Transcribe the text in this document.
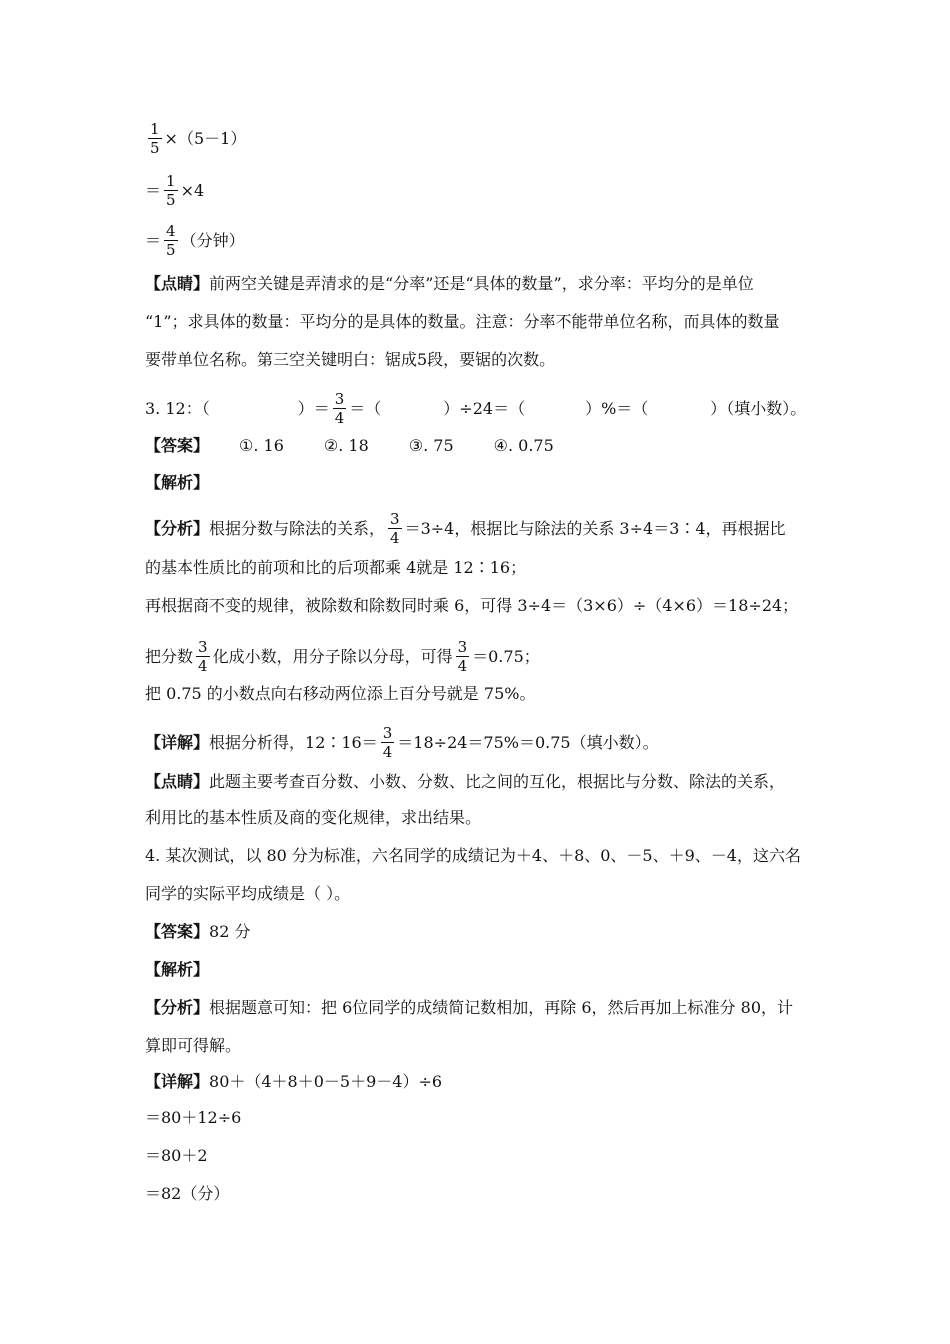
$\frac{1}{5} \times(5-1)$
＝ $\frac{1}{5} \times 4$
＝ $\frac{4}{5}$ （分钟）
【点睛】 前两空关键是弄清求的是“分率”还是“具体的数量”，求分率：平均分的是单位
“1”；求具体的数量：平均分的是具体的数量。注意：分率不能带单位名称，而具体的数量
要带单位名称。第三空关键明白：锯成5段，要锯的次数。
3. 12：（	）＝ $\frac{3}{4}$ ＝（	）÷24＝（	）%＝（	）（填小数）。
【答案】 ①. 16	②. 18	③. 75	④. 0.75
【解析】
【分析】 根据分数与除法的关系， $\frac{3}{4} =3\div 4$，根据比与除法的关系 3÷4＝3∶4，再根据比
的基本性质比的前项和比的后项都乘 4就是 12∶16；
再根据商不变的规律，被除数和除数同时乘 6，可得 3÷4＝（3×6）÷（4×6）＝18÷24；
把分数 $\frac{3}{4}$ 化成小数，用分子除以分母，可得 $\frac{3}{4} =0.75$；
把 0.75 的小数点向右移动两位添上百分号就是 75%。
【详解】 根据分析得，12∶16＝ $\frac{3}{4} =18\div 24=75\%=0.75$（填小数）。
【点睛】 此题主要考查百分数、小数、分数、比之间的互化，根据比与分数、除法的关系，
利用比的基本性质及商的变化规律，求出结果。
4. 某次测试，以 80 分为标准，六名同学的成绩记为＋4、＋8、0、－5、＋9、－4，这六名
同学的实际平均成绩是（ ）。
【答案】 82 分
【解析】
【分析】 根据题意可知：把 6位同学的成绩简记数相加，再除 6，然后再加上标准分 80，计
算即可得解。
【详解】 80＋（4＋8＋0－5＋9－4）÷6
＝80＋12÷6
＝80＋2
＝82（分）
